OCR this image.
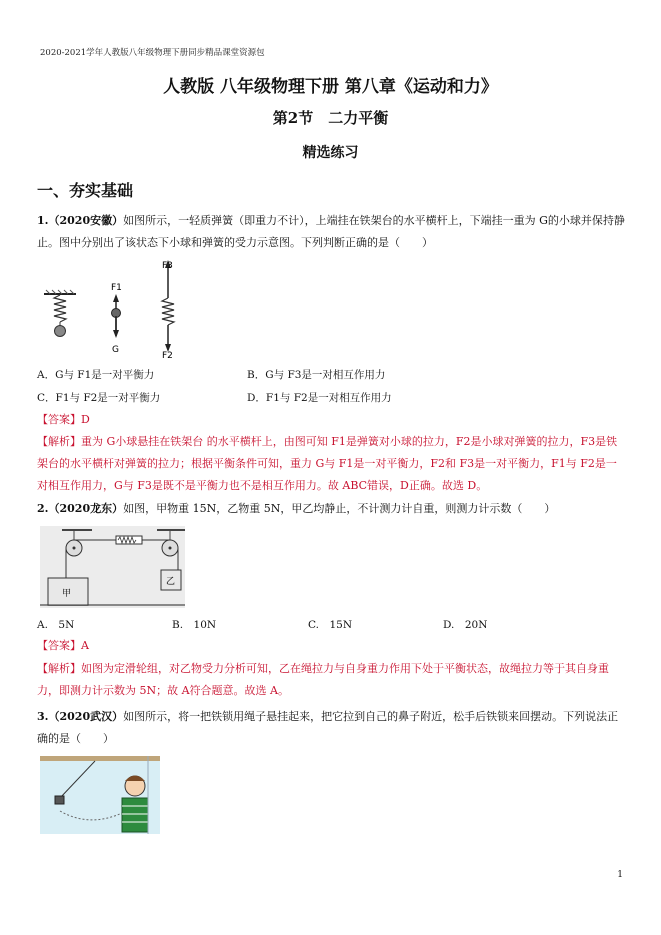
2020-2021学年人教版八年级物理下册同步精品课堂资源包
人教版 八年级物理下册 第八章《运动和力》
第2节　二力平衡
精选练习
一、夯实基础
1.（2020安徽）如图所示，一轻质弹簧（即重力不计），上端挂在铁架台的水平横杆上，下端挂一重为 G的小球并保持静止。图中分别出了该状态下小球和弹簧的受力示意图。下列判断正确的是（　　）
F1
G
F3
F2
A．G与 F1是一对平衡力	B．G与 F3是一对相互作用力
C．F1与 F2是一对平衡力	D．F1与 F2是一对相互作用力
【答案】D
【解析】重为 G小球悬挂在铁架台 的水平横杆上，由图可知 F1是弹簧对小球的拉力，F2是小球对弹簧的拉力，F3是铁架台的水平横杆对弹簧的拉力；根据平衡条件可知，重力 G与 F1是一对平衡力，F2和 F3是一对平衡力，F1与 F2是一对相互作用力，G与 F3是既不是平衡力也不是相互作用力。故 ABC错误，D正确。故选 D。
2.（2020龙东）如图，甲物重 15N，乙物重 5N，甲乙均静止，不计测力计自重，则测力计示数（　　）
甲
乙
A.　5N	B.　10N	C.　15N	D.　20N
【答案】A
【解析】如图为定滑轮组，对乙物受力分析可知，乙在绳拉力与自身重力作用下处于平衡状态，故绳拉力等于其自身重力，即测力计示数为 5N；故 A符合题意。故选 A。
3.（2020武汉）如图所示，将一把铁锁用绳子悬挂起来，把它拉到自己的鼻子附近，松手后铁锁来回摆动。下列说法正确的是（　　）
1
